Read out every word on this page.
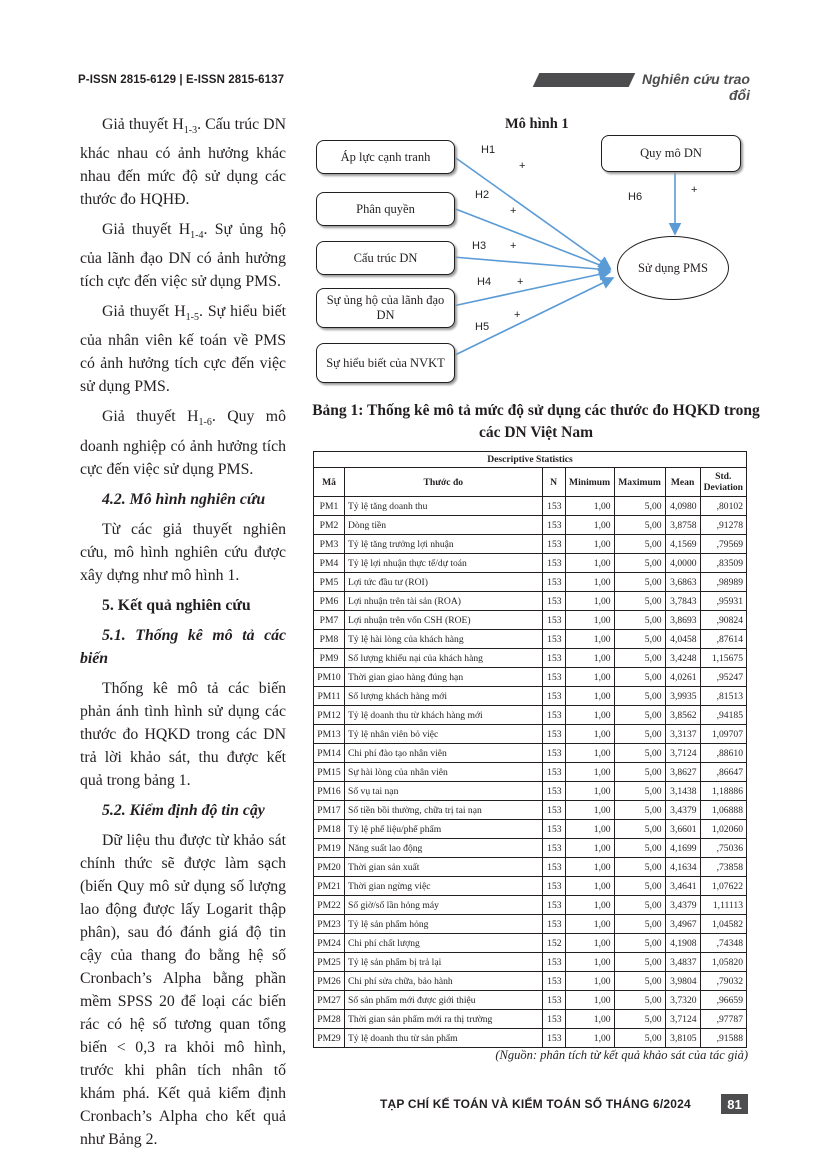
P-ISSN 2815-6129 | E-ISSN 2815-6137	Nghiên cứu trao đổi

Giả thuyết $H_{1-3}$. Cấu trúc DN khác nhau có ảnh hưởng khác nhau đến mức độ sử dụng các thước đo HQHĐ.

Giả thuyết $H_{1-4}$. Sự ủng hộ của lãnh đạo DN có ảnh hưởng tích cực đến việc sử dụng PMS.

Giả thuyết $H_{1-5}$. Sự hiểu biết của nhân viên kế toán về PMS có ảnh hưởng tích cực đến việc sử dụng PMS.

Giả thuyết $H_{1-6}$. Quy mô doanh nghiệp có ảnh hưởng tích cực đến việc sử dụng PMS.

4.2. Mô hình nghiên cứu

Từ các giả thuyết nghiên cứu, mô hình nghiên cứu được xây dựng như mô hình 1.

5. Kết quả nghiên cứu

5.1. Thống kê mô tả các biến

Thống kê mô tả các biến phản ánh tình hình sử dụng các thước đo HQKD trong các DN trả lời khảo sát, thu được kết quả trong bảng 1.

5.2. Kiểm định độ tin cậy

Dữ liệu thu được từ khảo sát chính thức sẽ được làm sạch (biến Quy mô sử dụng số lượng lao động được lấy Logarit thập phân), sau đó đánh giá độ tin cậy của thang đo bằng hệ số Cronbach’s Alpha bằng phần mềm SPSS 20 để loại các biến rác có hệ số tương quan tổng biến < 0,3 ra khỏi mô hình, trước khi phân tích nhân tố khám phá. Kết quả kiểm định Cronbach’s Alpha cho kết quả như Bảng 2.

Mô hình 1
Áp lực cạnh tranh
Phân quyền
Cấu trúc DN
Sự ủng hộ của lãnh đạo DN
Sự hiểu biết của NVKT
Quy mô DN
Sử dụng PMS
H1
+
H2
+
H3 +
H4 +
H5
+
H6
+
Bảng 1: Thống kê mô tả mức độ sử dụng các thước đo HQKD trong các DN Việt Nam
Descriptive Statistics						
Mã	Thước đo	N	Minimum	Maximum	Mean	Std. Deviation
PM1	Tỷ lệ tăng doanh thu	153	1,00	5,00	4,0980	,80102
PM2	Dòng tiền	153	1,00	5,00	3,8758	,91278
PM3	Tỷ lệ tăng trưởng lợi nhuận	153	1,00	5,00	4,1569	,79569
PM4	Tỷ lệ lợi nhuận thực tế/dự toán	153	1,00	5,00	4,0000	,83509
PM5	Lợi tức đầu tư (ROI)	153	1,00	5,00	3,6863	,98989
PM6	Lợi nhuận trên tài sản (ROA)	153	1,00	5,00	3,7843	,95931
PM7	Lợi nhuận trên vốn CSH (ROE)	153	1,00	5,00	3,8693	,90824
PM8	Tỷ lệ hài lòng của khách hàng	153	1,00	5,00	4,0458	,87614
PM9	Số lượng khiếu nại của khách hàng	153	1,00	5,00	3,4248	1,15675
PM10	Thời gian giao hàng đúng hạn	153	1,00	5,00	4,0261	,95247
PM11	Số lượng khách hàng mới	153	1,00	5,00	3,9935	,81513
PM12	Tỷ lệ doanh thu từ khách hàng mới	153	1,00	5,00	3,8562	,94185
PM13	Tỷ lệ nhân viên bỏ việc	153	1,00	5,00	3,3137	1,09707
PM14	Chi phí đào tạo nhân viên	153	1,00	5,00	3,7124	,88610
PM15	Sự hài lòng của nhân viên	153	1,00	5,00	3,8627	,86647
PM16	Số vụ tai nạn	153	1,00	5,00	3,1438	1,18886
PM17	Số tiền bồi thường, chữa trị tai nạn	153	1,00	5,00	3,4379	1,06888
PM18	Tỷ lệ phế liệu/phế phẩm	153	1,00	5,00	3,6601	1,02060
PM19	Năng suất lao động	153	1,00	5,00	4,1699	,75036
PM20	Thời gian sản xuất	153	1,00	5,00	4,1634	,73858
PM21	Thời gian ngừng việc	153	1,00	5,00	3,4641	1,07622
PM22	Số giờ/số lần hỏng máy	153	1,00	5,00	3,4379	1,11113
PM23	Tỷ lệ sản phẩm hỏng	153	1,00	5,00	3,4967	1,04582
PM24	Chi phí chất lượng	152	1,00	5,00	4,1908	,74348
PM25	Tỷ lệ sản phẩm bị trả lại	153	1,00	5,00	3,4837	1,05820
PM26	Chi phí sửa chữa, bảo hành	153	1,00	5,00	3,9804	,79032
PM27	Số sản phẩm mới được giới thiệu	153	1,00	5,00	3,7320	,96659
PM28	Thời gian sản phẩm mới ra thị trường	153	1,00	5,00	3,7124	,97787
PM29	Tỷ lệ doanh thu từ sản phẩm	153	1,00	5,00	3,8105	,91588
(Nguồn: phân tích từ kết quả khảo sát của tác giả)
TẠP CHÍ KẾ TOÁN VÀ KIỂM TOÁN SỐ THÁNG 6/2024	81
